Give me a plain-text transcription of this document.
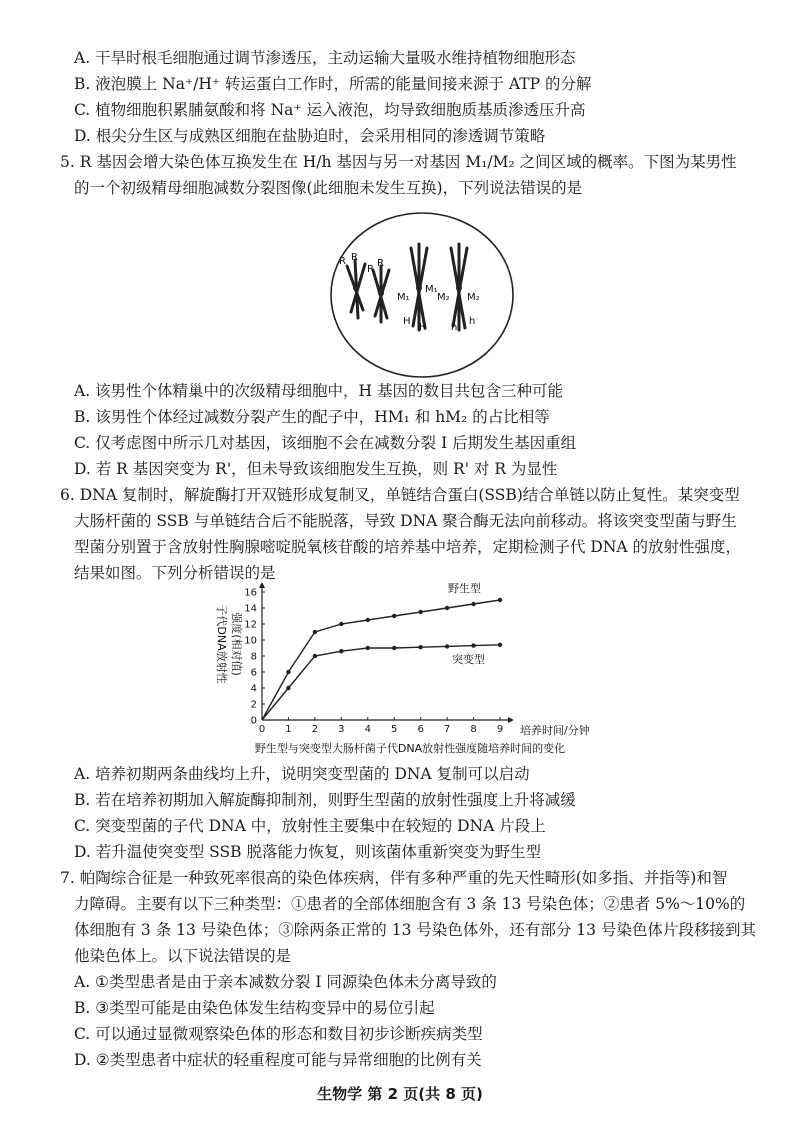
A. 干旱时根毛细胞通过调节渗透压，主动运输大量吸水维持植物细胞形态
B. 液泡膜上 Na⁺/H⁺ 转运蛋白工作时，所需的能量间接来源于 ATP 的分解
C. 植物细胞积累脯氨酸和将 Na⁺ 运入液泡，均导致细胞质基质渗透压升高
D. 根尖分生区与成熟区细胞在盐胁迫时，会采用相同的渗透调节策略
5. R 基因会增大染色体互换发生在 H/h 基因与另一对基因 M₁/M₂ 之间区域的概率。下图为某男性
的一个初级精母细胞减数分裂图像(此细胞未发生互换)，下列说法错误的是
R R
R
R
M₁
M₁
M₂ M₂
H
H h
h
A. 该男性个体精巢中的次级精母细胞中，H 基因的数目共包含三种可能
B. 该男性个体经过减数分裂产生的配子中，HM₁ 和 hM₂ 的占比相等
C. 仅考虑图中所示几对基因，该细胞不会在减数分裂 Ⅰ 后期发生基因重组
D. 若 R 基因突变为 R'，但未导致该细胞发生互换，则 R' 对 R 为显性
6. DNA 复制时，解旋酶打开双链形成复制叉，单链结合蛋白(SSB)结合单链以防止复性。某突变型
大肠杆菌的 SSB 与单链结合后不能脱落，导致 DNA 聚合酶无法向前移动。将该突变型菌与野生
型菌分别置于含放射性胸腺嘧啶脱氧核苷酸的培养基中培养，定期检测子代 DNA 的放射性强度，
结果如图。下列分析错误的是
子代DNA放射性 强度(相对值)
0 1 2 3 4 5 6 7 8 9
0
2
4
6
8
10
12
14
16	野生型
突变型
培养时间/分钟
野生型与突变型大肠杆菌子代DNA放射性强度随培养时间的变化
A. 培养初期两条曲线均上升，说明突变型菌的 DNA 复制可以启动
B. 若在培养初期加入解旋酶抑制剂，则野生型菌的放射性强度上升将减缓
C. 突变型菌的子代 DNA 中，放射性主要集中在较短的 DNA 片段上
D. 若升温使突变型 SSB 脱落能力恢复，则该菌体重新突变为野生型
7. 帕陶综合征是一种致死率很高的染色体疾病，伴有多种严重的先天性畸形(如多指、并指等)和智
力障碍。主要有以下三种类型：①患者的全部体细胞含有 3 条 13 号染色体；②患者 5%～10%的
体细胞有 3 条 13 号染色体；③除两条正常的 13 号染色体外，还有部分 13 号染色体片段移接到其
他染色体上。以下说法错误的是
A. ①类型患者是由于亲本减数分裂 Ⅰ 同源染色体未分离导致的
B. ③类型可能是由染色体发生结构变异中的易位引起
C. 可以通过显微观察染色体的形态和数目初步诊断疾病类型
D. ②类型患者中症状的轻重程度可能与异常细胞的比例有关
生物学 第 2 页(共 8 页)
